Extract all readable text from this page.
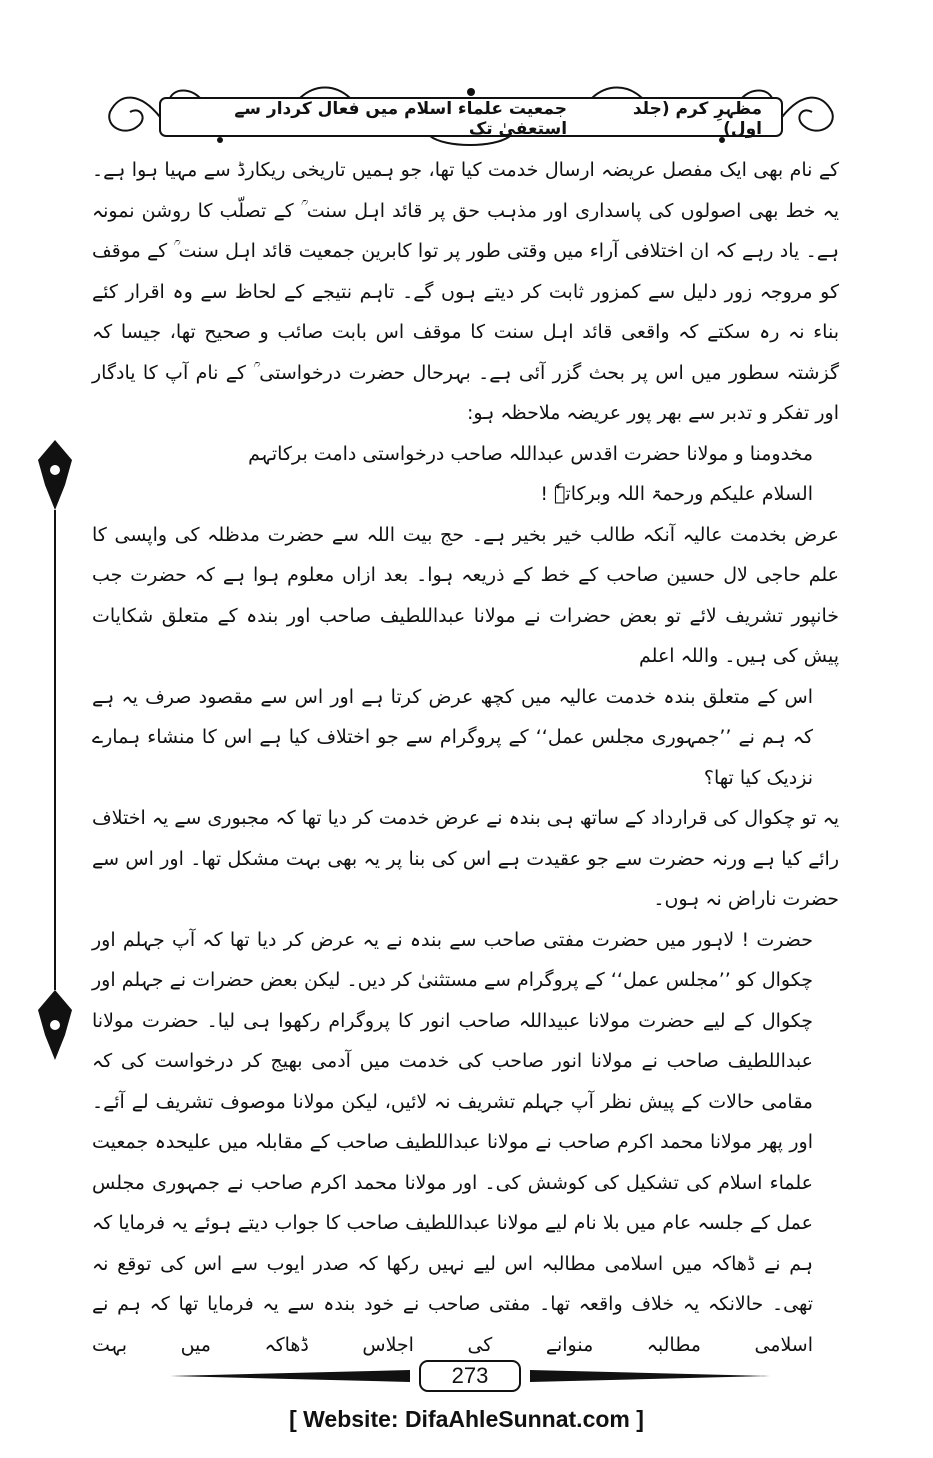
مظہرِ کرم (جلد اول)
جمعیت علماء اسلام میں فعال کردار سے استعفیٰ تک

کے نام بھی ایک مفصل عریضہ ارسال خدمت کیا تھا، جو ہمیں تاریخی ریکارڈ سے مہیا ہوا ہے۔ یہ خط بھی اصولوں کی پاسداری اور مذہب حق پر قائد اہل سنت ؒ کے تصلّب کا روشن نمونہ ہے۔ یاد رہے کہ ان اختلافی آراء میں وقتی طور پر توا کابرین جمعیت قائد اہل سنت ؒ کے موقف کو مروجہ زور دلیل سے کمزور ثابت کر دیتے ہوں گے۔ تاہم نتیجے کے لحاظ سے وہ اقرار کئے بناء نہ رہ سکتے کہ واقعی قائد اہل سنت کا موقف اس بابت صائب و صحیح تھا، جیسا کہ گزشتہ سطور میں اس پر بحث گزر آئی ہے۔ بہرحال حضرت درخواستی ؒ کے نام آپ کا یادگار اور تفکر و تدبر سے بھر پور عریضہ ملاحظہ ہو:

مخدومنا و مولانا حضرت اقدس عبداللہ صاحب درخواستی دامت برکاتہم

السلام علیکم ورحمۃ اللہ وبرکاتہٗ !

عرض بخدمت عالیہ آنکہ طالب خیر بخیر ہے۔ حج بیت اللہ سے حضرت مدظلہ کی واپسی کا علم حاجی لال حسین صاحب کے خط کے ذریعہ ہوا۔ بعد ازاں معلوم ہوا ہے کہ حضرت جب خانپور تشریف لائے تو بعض حضرات نے مولانا عبداللطیف صاحب اور بندہ کے متعلق شکایات پیش کی ہیں۔ واللہ اعلم

اس کے متعلق بندہ خدمت عالیہ میں کچھ عرض کرتا ہے اور اس سے مقصود صرف یہ ہے کہ ہم نے ’’جمہوری مجلس عمل‘‘ کے پروگرام سے جو اختلاف کیا ہے اس کا منشاء ہمارے نزدیک کیا تھا؟

یہ تو چکوال کی قرارداد کے ساتھ ہی بندہ نے عرض خدمت کر دیا تھا کہ مجبوری سے یہ اختلاف رائے کیا ہے ورنہ حضرت سے جو عقیدت ہے اس کی بنا پر یہ بھی بہت مشکل تھا۔ اور اس سے حضرت ناراض نہ ہوں۔

حضرت ! لاہور میں حضرت مفتی صاحب سے بندہ نے یہ عرض کر دیا تھا کہ آپ جہلم اور چکوال کو ’’مجلس عمل‘‘ کے پروگرام سے مستثنیٰ کر دیں۔ لیکن بعض حضرات نے جہلم اور چکوال کے لیے حضرت مولانا عبیداللہ صاحب انور کا پروگرام رکھوا ہی لیا۔ حضرت مولانا عبداللطیف صاحب نے مولانا انور صاحب کی خدمت میں آدمی بھیج کر درخواست کی کہ مقامی حالات کے پیش نظر آپ جہلم تشریف نہ لائیں، لیکن مولانا موصوف تشریف لے آئے۔ اور پھر مولانا محمد اکرم صاحب نے مولانا عبداللطیف صاحب کے مقابلہ میں علیحدہ جمعیت علماء اسلام کی تشکیل کی کوشش کی۔ اور مولانا محمد اکرم صاحب نے جمہوری مجلس عمل کے جلسہ عام میں بلا نام لیے مولانا عبداللطیف صاحب کا جواب دیتے ہوئے یہ فرمایا کہ ہم نے ڈھاکہ میں اسلامی مطالبہ اس لیے نہیں رکھا کہ صدر ایوب سے اس کی توقع نہ تھی۔ حالانکہ یہ خلاف واقعہ تھا۔ مفتی صاحب نے خود بندہ سے یہ فرمایا تھا کہ ہم نے اسلامی مطالبہ منوانے کی اجلاس ڈھاکہ میں بہت

273
[ Website: DifaAhleSunnat.com ]
